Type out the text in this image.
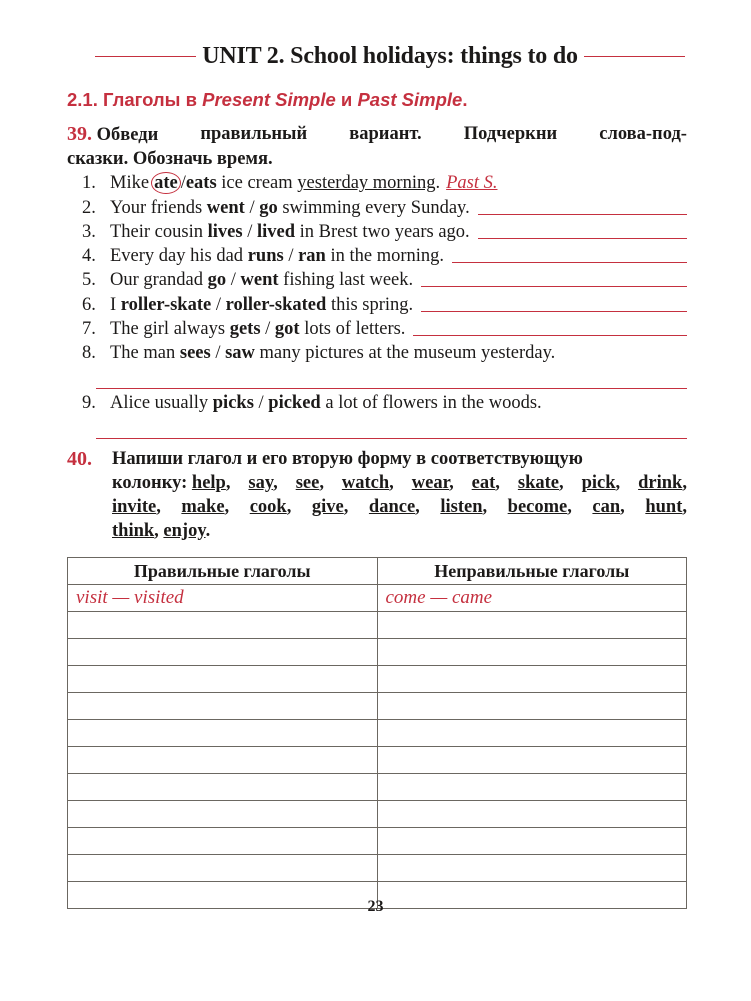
UNIT 2. School holidays: things to do
2.1. Глаголы в Present Simple и Past Simple.
39. Обведи правильный вариант. Подчеркни слова-под-
сказки. Обозначь время.
1. Mike ate / eats ice cream yesterday morning . Past S.
2. Your friends went / go swimming every Sunday.
3. Their cousin lives / lived in Brest two years ago.
4. Every day his dad runs / ran in the morning.
5. Our grandad go / went fishing last week.
6. I roller-skate / roller-skated this spring.
7. The girl always gets / got lots of letters.
8. The man sees / saw many pictures at the museum yesterday.
9. Alice usually picks / picked a lot of flowers in the woods.
40.	Напиши глагол и его вторую форму в соответствующую
колонку: help, say, see, watch, wear, eat, skate, pick, drink,
invite, make, cook, give, dance, listen, become, can, hunt,
think, enjoy.
Правильные глаголы	Неправильные глаголы
visit — visited	come — came

23
